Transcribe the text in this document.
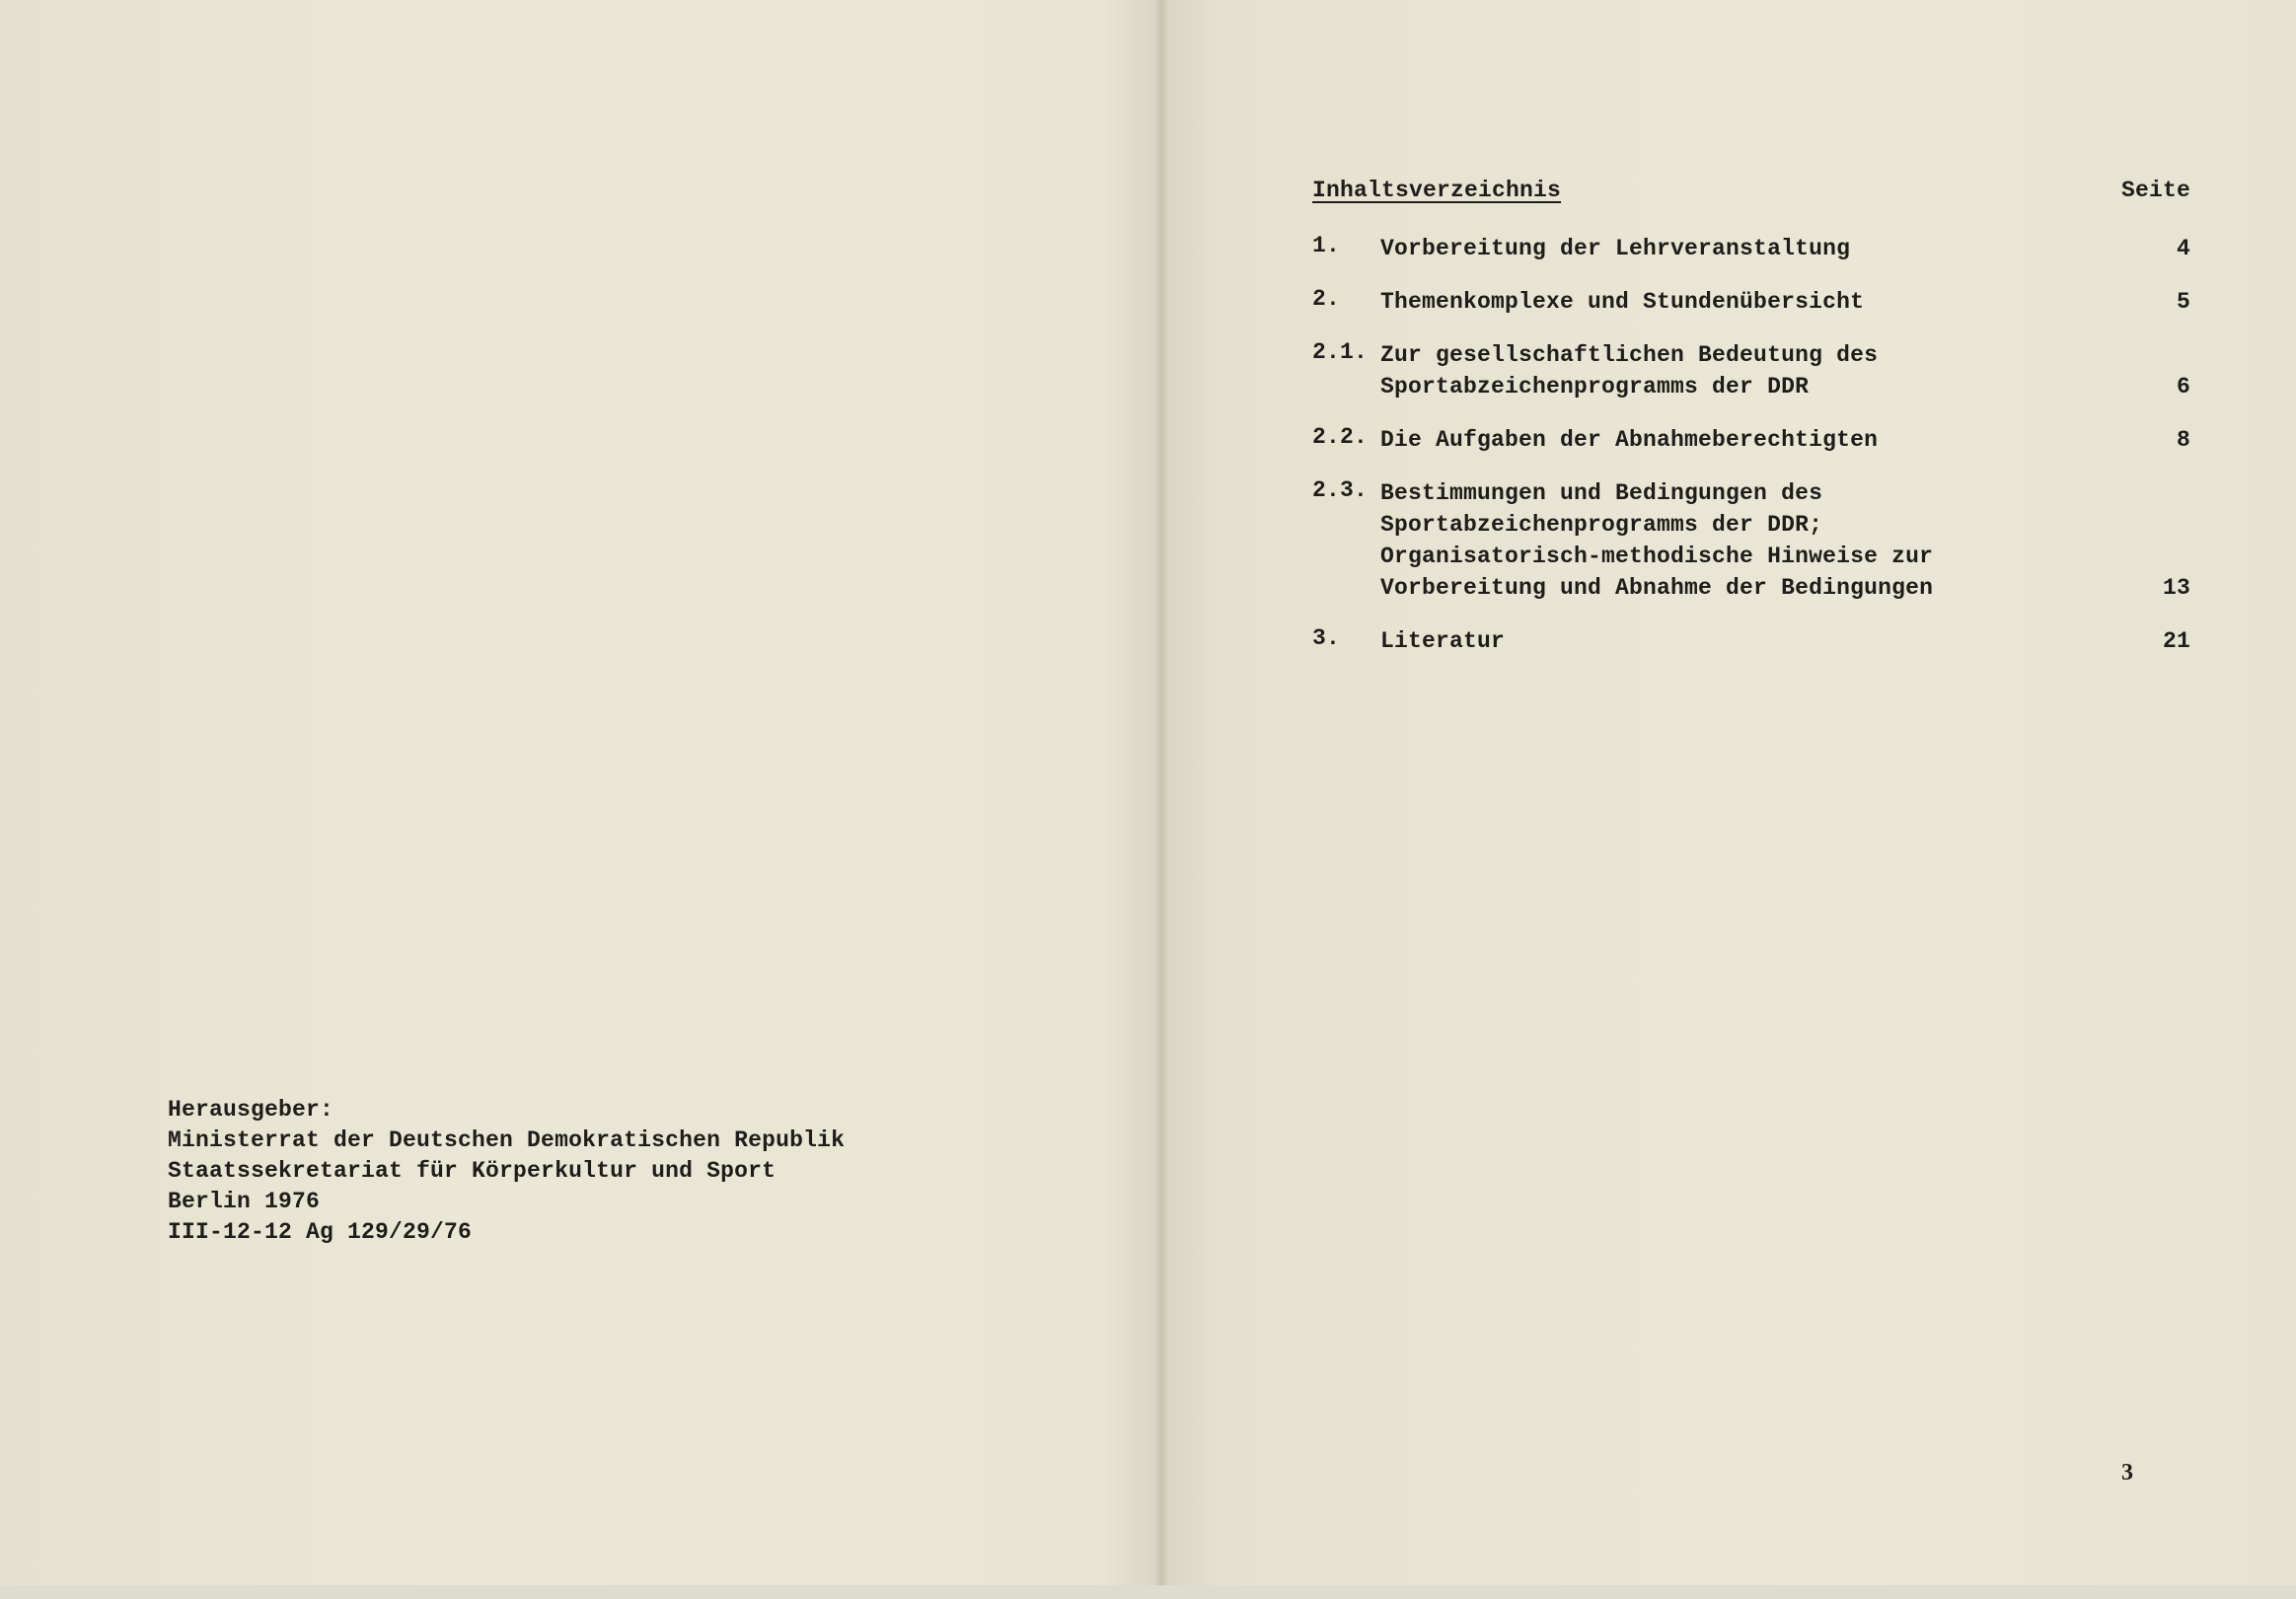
Herausgeber:
Ministerrat der Deutschen Demokratischen Republik
Staatssekretariat für Körperkultur und Sport
Berlin 1976
III-12-12 Ag 129/29/76
Inhaltsverzeichnis	Seite
1. Vorbereitung der Lehrveranstaltung	4
2. Themenkomplexe und Stundenübersicht	5
2.1. Zur gesellschaftlichen Bedeutung des
Sportabzeichenprogramms der DDR	6
2.2. Die Aufgaben der Abnahmeberechtigten	8
2.3. Bestimmungen und Bedingungen des
Sportabzeichenprogramms der DDR;
Organisatorisch-methodische Hinweise zur
Vorbereitung und Abnahme der Bedingungen	13
3. Literatur	21
3
